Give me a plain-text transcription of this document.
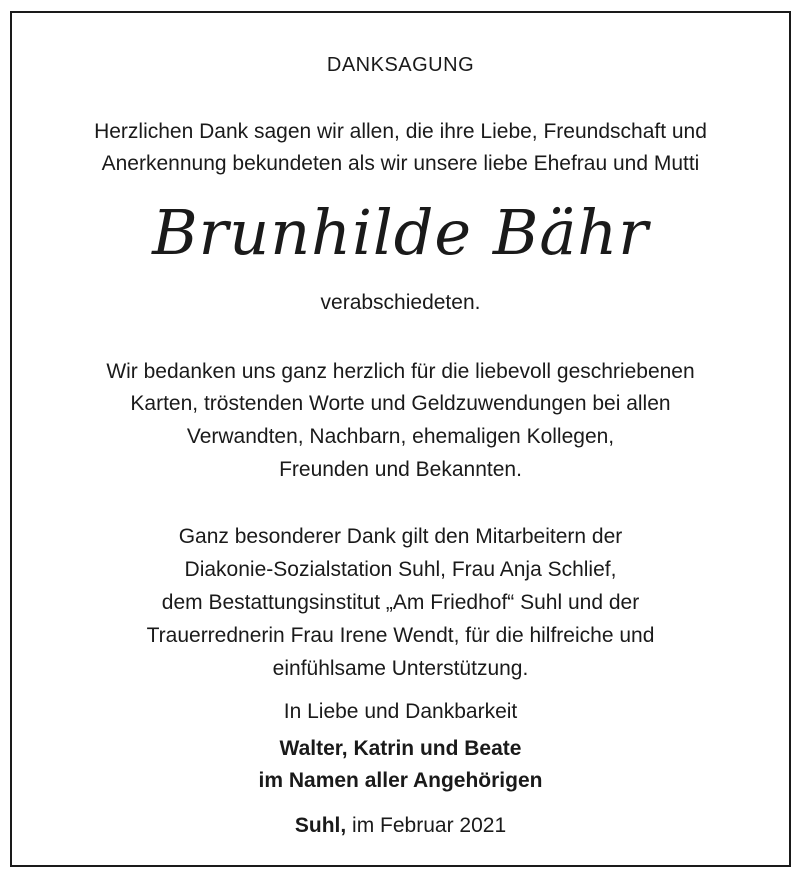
DANKSAGUNG
Herzlichen Dank sagen wir allen, die ihre Liebe, Freundschaft und
Anerkennung bekundeten als wir unsere liebe Ehefrau und Mutti
Brunhilde Bähr
verabschiedeten.
Wir bedanken uns ganz herzlich für die liebevoll geschriebenen
Karten, tröstenden Worte und Geldzuwendungen bei allen
Verwandten, Nachbarn, ehemaligen Kollegen,
Freunden und Bekannten.
Ganz besonderer Dank gilt den Mitarbeitern der
Diakonie-Sozialstation Suhl, Frau Anja Schlief,
dem Bestattungsinstitut „Am Friedhof“ Suhl und der
Trauerrednerin Frau Irene Wendt, für die hilfreiche und
einfühlsame Unterstützung.
In Liebe und Dankbarkeit
Walter, Katrin und Beate
im Namen aller Angehörigen
Suhl, im Februar 2021
